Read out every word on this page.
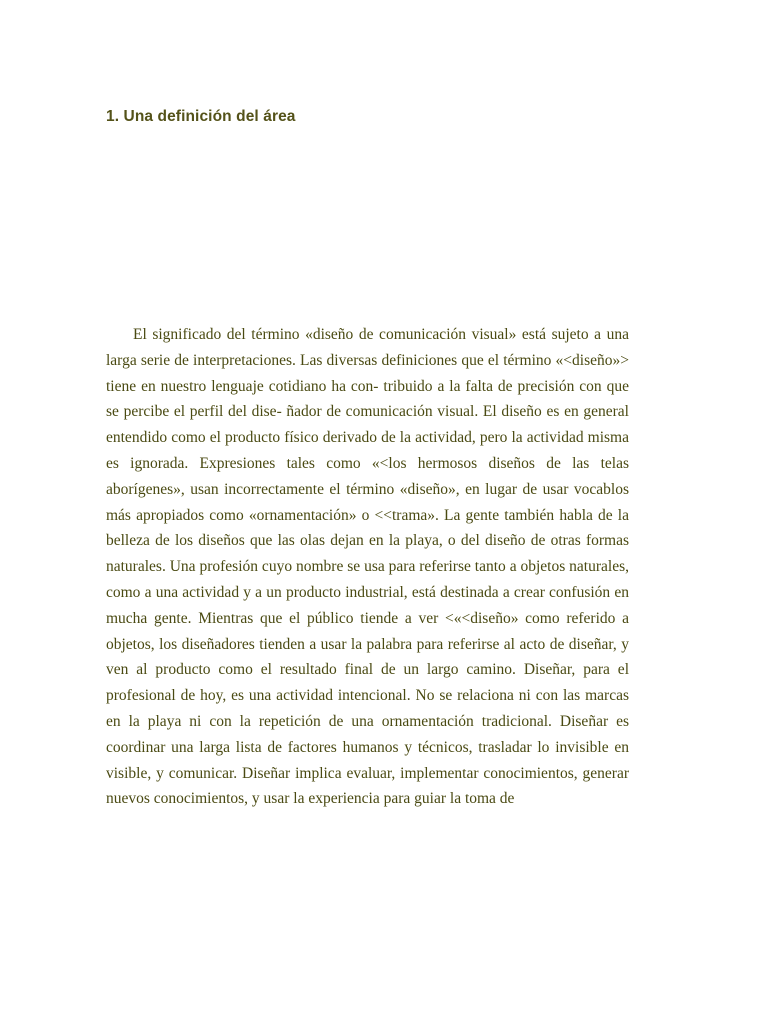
1. Una definición del área

El significado del término «diseño de comunicación visual» está sujeto a una larga serie de interpretaciones. Las diversas definiciones que el término «<diseño»> tiene en nuestro lenguaje cotidiano ha con- tribuido a la falta de precisión con que se percibe el perfil del dise- ñador de comunicación visual. El diseño es en general entendido como el producto físico derivado de la actividad, pero la actividad misma es ignorada. Expresiones tales como «<los hermosos diseños de las telas aborígenes», usan incorrectamente el término «diseño», en lugar de usar vocablos más apropiados como «ornamentación» o <<trama». La gente también habla de la belleza de los diseños que las olas dejan en la playa, o del diseño de otras formas naturales. Una profesión cuyo nombre se usa para referirse tanto a objetos naturales, como a una actividad y a un producto industrial, está destinada a crear confusión en mucha gente. Mientras que el público tiende a ver <«<diseño» como referido a objetos, los diseñadores tienden a usar la palabra para referirse al acto de diseñar, y ven al producto como el resultado final de un largo camino. Diseñar, para el profesional de hoy, es una actividad intencional. No se relaciona ni con las marcas en la playa ni con la repetición de una ornamentación tradicional. Diseñar es coordinar una larga lista de factores humanos y técnicos, trasladar lo invisible en visible, y comunicar. Diseñar implica evaluar, implementar conocimientos, generar nuevos conocimientos, y usar la experiencia para guiar la toma de
